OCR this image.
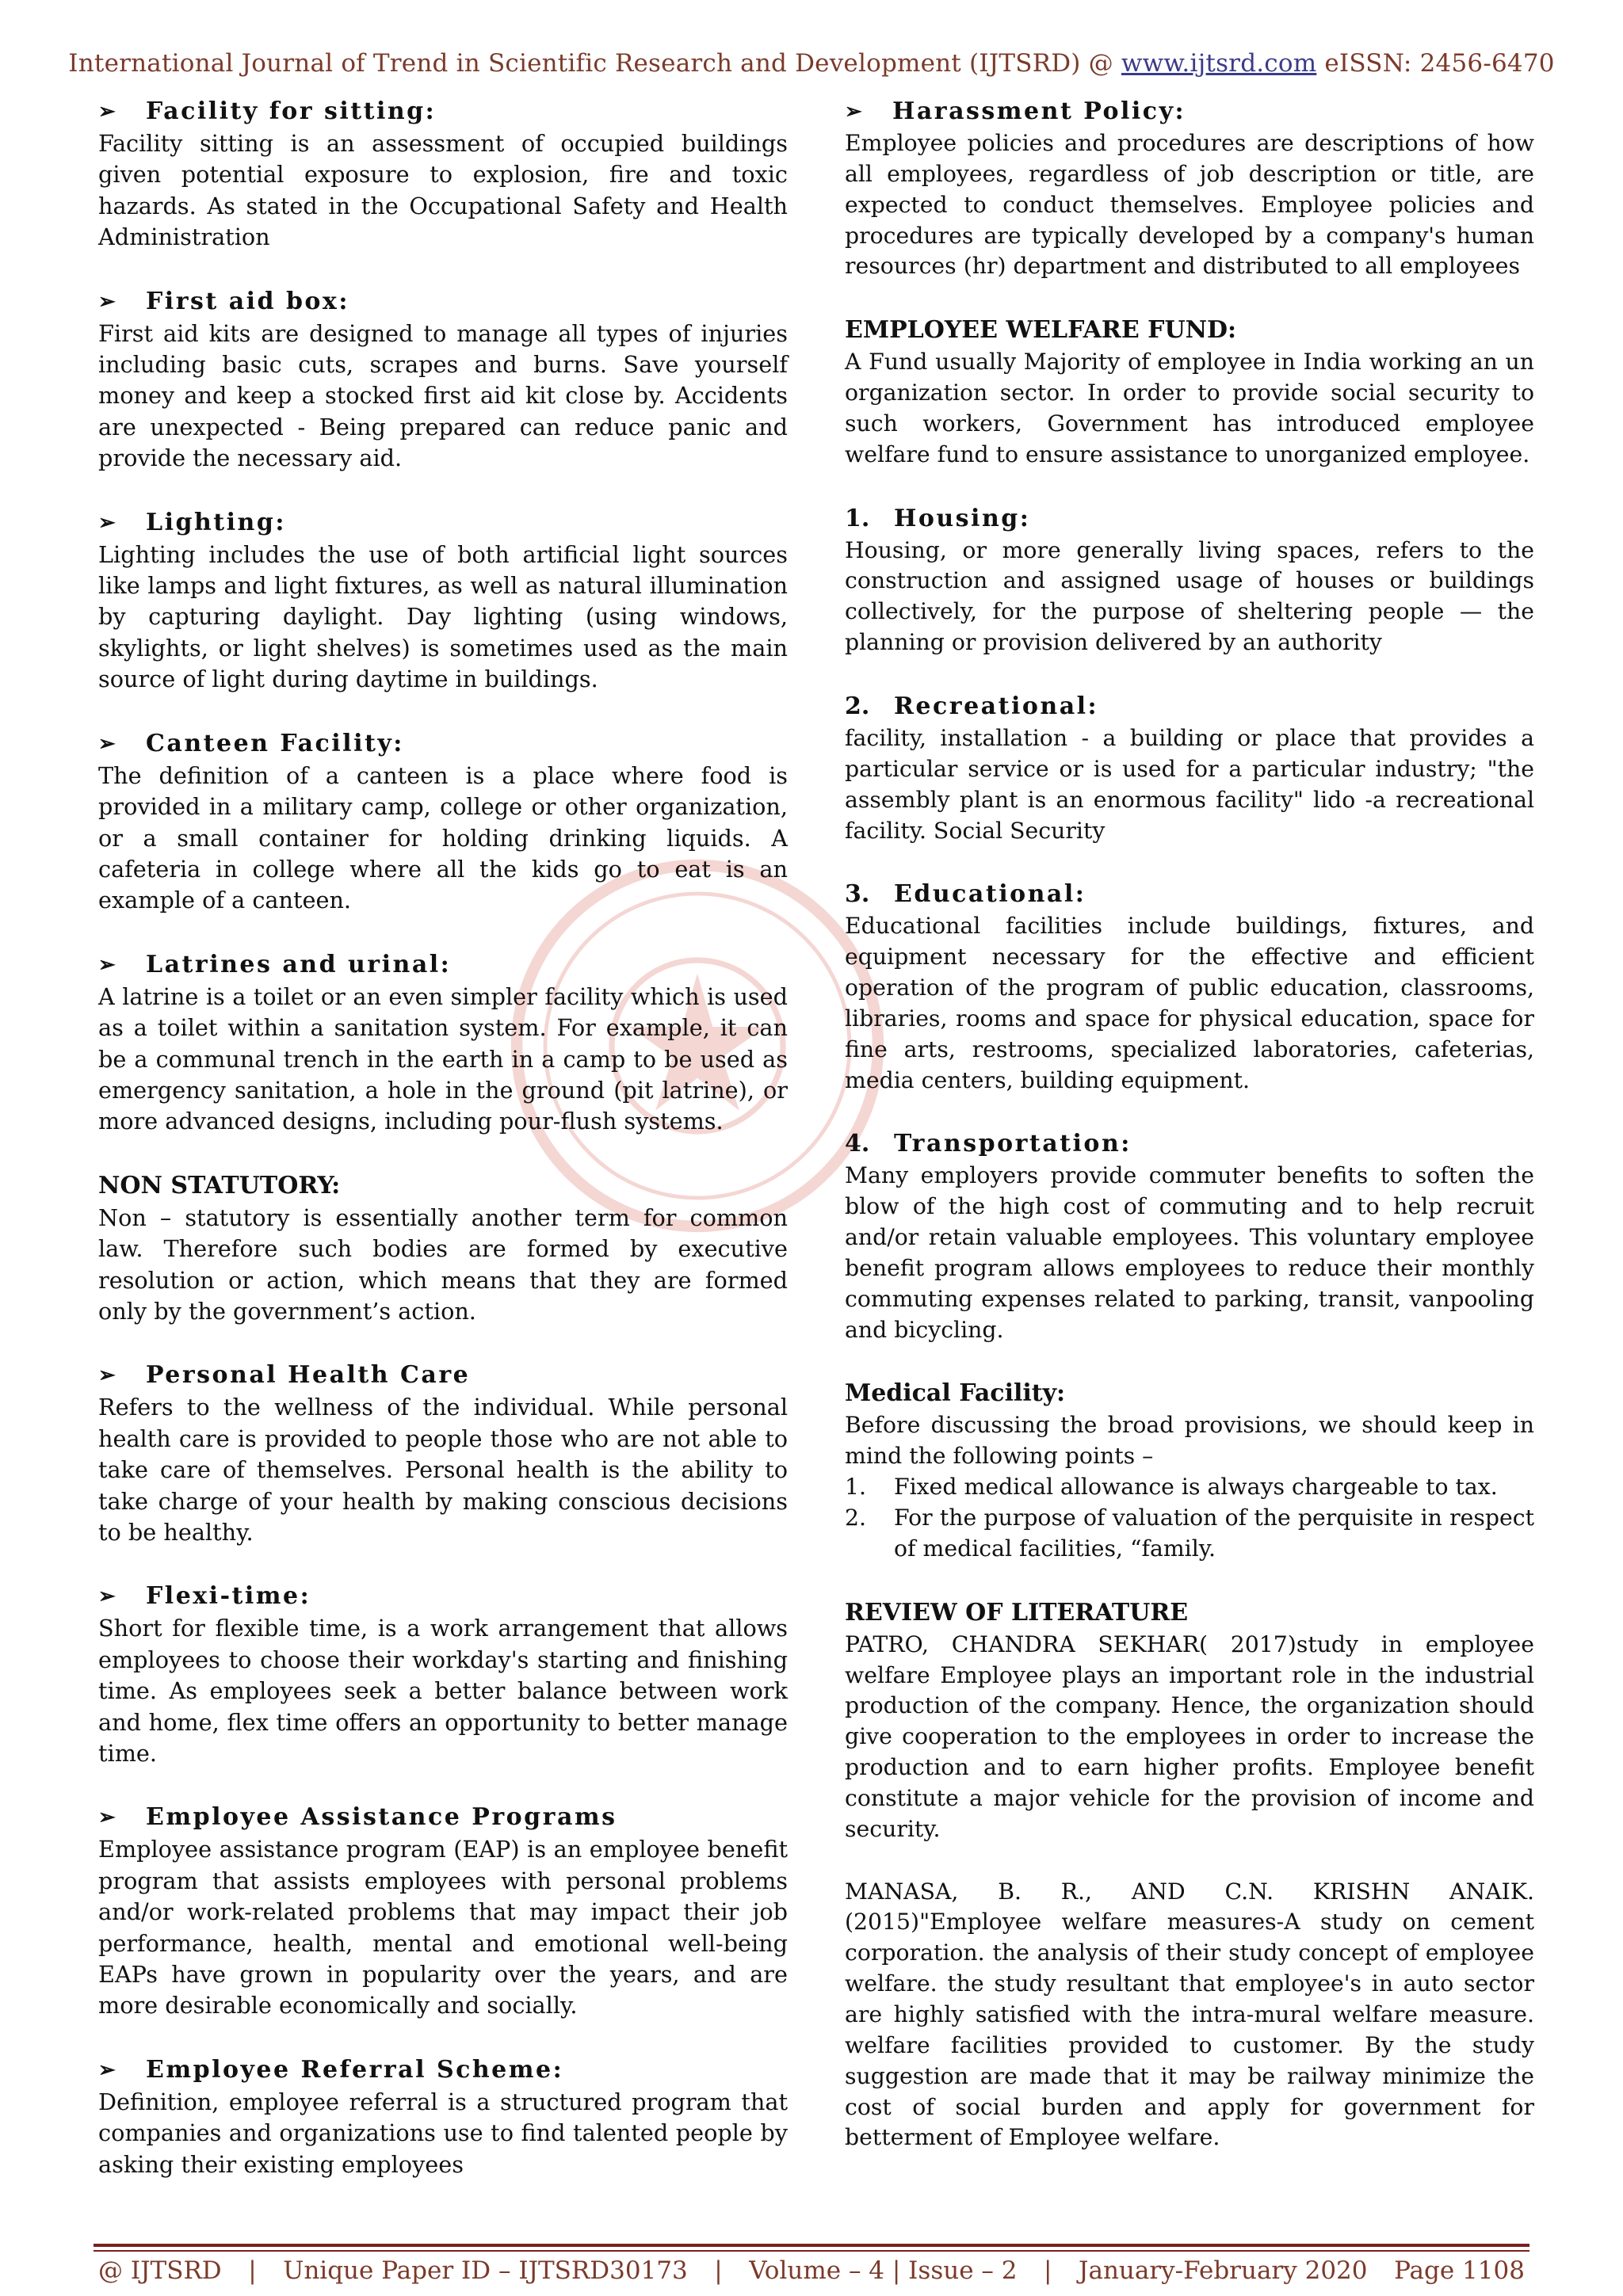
International Journal of Trend in Scientific Research and Development (IJTSRD) @ www.ijtsrd.com eISSN: 2456-6470
➢	Facility for sitting:

Facility sitting is an assessment of occupied buildings given potential exposure to explosion, fire and toxic hazards. As stated in the Occupational Safety and Health Administration

➢	First aid box:

First aid kits are designed to manage all types of injuries including basic cuts, scrapes and burns. Save yourself money and keep a stocked first aid kit close by. Accidents are unexpected - Being prepared can reduce panic and provide the necessary aid.

➢	Lighting:

Lighting includes the use of both artificial light sources like lamps and light fixtures, as well as natural illumination by capturing daylight. Day lighting (using windows, skylights, or light shelves) is sometimes used as the main source of light during daytime in buildings.

➢	Canteen Facility:

The definition of a canteen is a place where food is provided in a military camp, college or other organization, or a small container for holding drinking liquids. A cafeteria in college where all the kids go to eat is an example of a canteen.

➢	Latrines and urinal:

A latrine is a toilet or an even simpler facility which is used as a toilet within a sanitation system. For example, it can be a communal trench in the earth in a camp to be used as emergency sanitation, a hole in the ground (pit latrine), or more advanced designs, including pour-flush systems.

NON STATUTORY:

Non – statutory is essentially another term for common law. Therefore such bodies are formed by executive resolution or action, which means that they are formed only by the government’s action.

➢	Personal Health Care

Refers to the wellness of the individual. While personal health care is provided to people those who are not able to take care of themselves. Personal health is the ability to take charge of your health by making conscious decisions to be healthy.

➢	Flexi-time:

Short for flexible time, is a work arrangement that allows employees to choose their workday's starting and finishing time. As employees seek a better balance between work and home, flex time offers an opportunity to better manage time.

➢	Employee Assistance Programs

Employee assistance program (EAP) is an employee benefit program that assists employees with personal problems and/or work-related problems that may impact their job performance, health, mental and emotional well-being EAPs have grown in popularity over the years, and are more desirable economically and socially.

➢	Employee Referral Scheme:

Definition, employee referral is a structured program that companies and organizations use to find talented people by asking their existing employees

➢	Harassment Policy:

Employee policies and procedures are descriptions of how all employees, regardless of job description or title, are expected to conduct themselves. Employee policies and procedures are typically developed by a company's human resources (hr) department and distributed to all employees

EMPLOYEE WELFARE FUND:

A Fund usually Majority of employee in India working an un organization sector. In order to provide social security to such workers, Government has introduced employee welfare fund to ensure assistance to unorganized employee.

1.	Housing:

Housing, or more generally living spaces, refers to the construction and assigned usage of houses or buildings collectively, for the purpose of sheltering people — the planning or provision delivered by an authority

2.	Recreational:

facility, installation - a building or place that provides a particular service or is used for a particular industry; "the assembly plant is an enormous facility" lido -a recreational facility. Social Security

3.	Educational:

Educational facilities include buildings, fixtures, and equipment necessary for the effective and efficient operation of the program of public education, classrooms, libraries, rooms and space for physical education, space for fine arts, restrooms, specialized laboratories, cafeterias, media centers, building equipment.

4.	Transportation:

Many employers provide commuter benefits to soften the blow of the high cost of commuting and to help recruit and/or retain valuable employees. This voluntary employee benefit program allows employees to reduce their monthly commuting expenses related to parking, transit, vanpooling and bicycling.

Medical Facility:

Before discussing the broad provisions, we should keep in mind the following points –

1.	Fixed medical allowance is always chargeable to tax.
2.	For the purpose of valuation of the perquisite in respect of medical facilities, “family.
REVIEW OF LITERATURE

PATRO, CHANDRA SEKHAR( 2017)study in employee welfare Employee plays an important role in the industrial production of the company. Hence, the organization should give cooperation to the employees in order to increase the production and to earn higher profits. Employee benefit constitute a major vehicle for the provision of income and security.

MANASA, B. R., AND C.N. KRISHN ANAIK. (2015)"Employee welfare measures-A study on cement corporation. the analysis of their study concept of employee welfare. the study resultant that employee's in auto sector are highly satisfied with the intra-mural welfare measure. welfare facilities provided to customer. By the study suggestion are made that it may be railway minimize the cost of social burden and apply for government for betterment of Employee welfare.

@ IJTSRD | Unique Paper ID – IJTSRD30173 | Volume – 4 | Issue – 2 | January-February 2020 Page 1108
